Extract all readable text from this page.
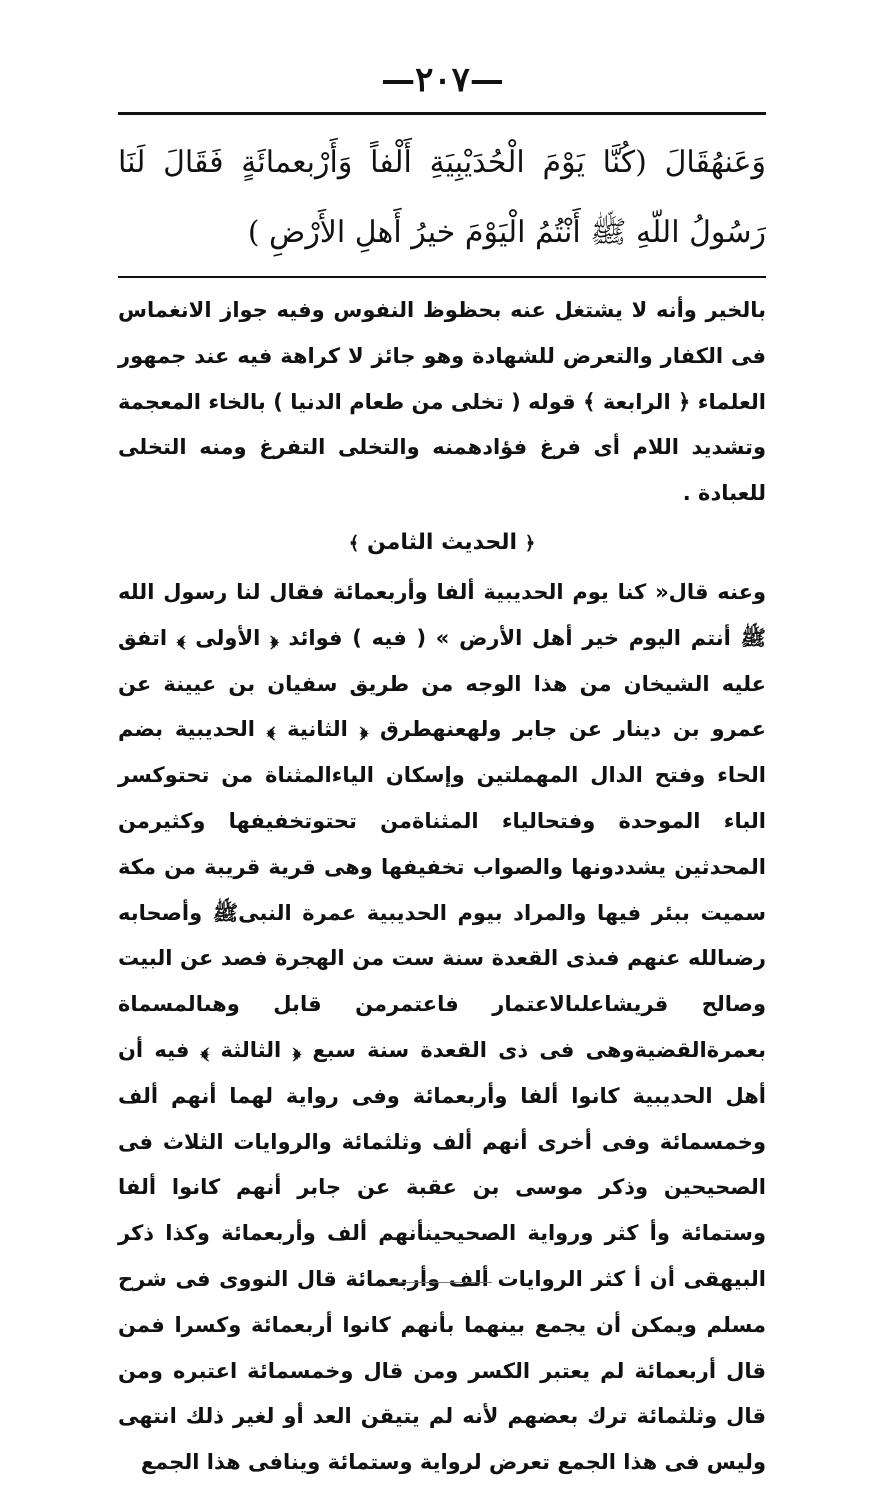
—٢٠٧—
وَعَنهُقَالَ (كُنَّا يَوْمَ الْحُدَيْبِيَةِ أَلْفاً وَأَرْبعمائَةٍ فَقَالَ لَنَا رَسُولُ اللّهِ ﷺ أَنْتُمُ الْيَوْمَ خيرُ أَهلِ الأَرْضِ )

بالخير وأنه لا يشتغل عنه بحظوظ النفوس وفيه جواز الانغماس فى الكفار والتعرض للشهادة وهو جائز لا كراهة فيه عند جمهور العلماء ﴿ الرابعة ﴾ قوله ( تخلى من طعام الدنيا ) بالخاء المعجمة وتشديد اللام أى فرغ فؤادهمنه والتخلى التفرغ ومنه التخلى للعبادة .

﴿ الحديث الثامن ﴾

وعنه قال« كنا يوم الحديبية ألفا وأربعمائة فقال لنا رسول الله ﷺ أنتم اليوم خير أهل الأرض » ( فيه ) فوائد ﴿ الأولى ﴾ اتفق عليه الشيخان من هذا الوجه من طريق سفيان بن عيينة عن عمرو بن دينار عن جابر ولهعنهطرق ﴿ الثانية ﴾ الحديبية بضم الحاء وفتح الدال المهملتين وإسكان الياءالمثناة من تحتوكسر الباء الموحدة وفتحالياء المثناةمن تحتوتخفيفها وكثيرمن المحدثين يشددونها والصواب تخفيفها وهى قرية قريبة من مكة سميت ببئر فيها والمراد بيوم الحديبية عمرة النبىﷺ وأصحابه رضىالله عنهم فىذى القعدة سنة ست من الهجرة فصد عن البيت وصالح قريشاعلىالاعتمار فاعتمرمن قابل وهىالمسماة بعمرةالقضيةوهى فى ذى القعدة سنة سبع ﴿ الثالثة ﴾ فيه أن أهل الحديبية كانوا ألفا وأربعمائة وفى رواية لهما أنهم ألف وخمسمائة وفى أخرى أنهم ألف وثلثمائة والروايات الثلاث فى الصحيحين وذكر موسى بن عقبة عن جابر أنهم كانوا ألفا وستمائة وأ كثر ورواية الصحيحينأنهم ألف وأربعمائة وكذا ذكر البيهقى أن أ كثر الروايات ألف وأربعمائة قال النووى فى شرح مسلم ويمكن أن يجمع بينهما بأنهم كانوا أربعمائة وكسرا فمن قال أربعمائة لم يعتبر الكسر ومن قال وخمسمائة اعتبره ومن قال وثلثمائة ترك بعضهم لأنه لم يتيقن العد أو لغير ذلك انتهى وليس فى هذا الجمع تعرض لرواية وستمائة وينافى هذا الجمع
